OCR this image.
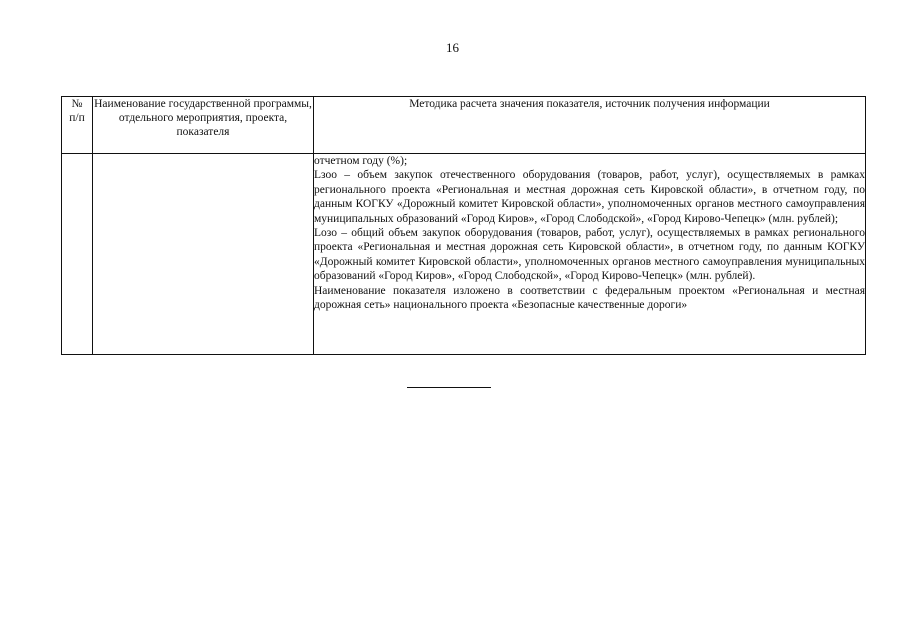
16
№
п/п	Наименование государственной программы, отдельного мероприятия, проекта, показателя	Методика расчета значения показателя, источник получения информации

		отчетном году (%);

Lзоо – объем закупок отечественного оборудования (товаров, работ, услуг), осуществляемых в рамках регионального проекта «Региональная и местная дорожная сеть Кировской области», в отчетном году, по данным КОГКУ «Дорожный комитет Кировской области», уполномоченных органов местного самоуправления муниципальных образований «Город Киров», «Город Слободской», «Город Кирово-Чепецк» (млн. рублей);

Lозо – общий объем закупок оборудования (товаров, работ, услуг), осуществляемых в рамках регионального проекта «Региональная и местная дорожная сеть Кировской области», в отчетном году, по данным КОГКУ «Дорожный комитет Кировской области», уполномоченных органов местного самоуправления муниципальных образований «Город Киров», «Город Слободской», «Город Кирово-Чепецк» (млн. рублей).

Наименование показателя изложено в соответствии с федеральным проектом «Региональная и местная дорожная сеть» национального проекта «Безопасные качественные дороги»
